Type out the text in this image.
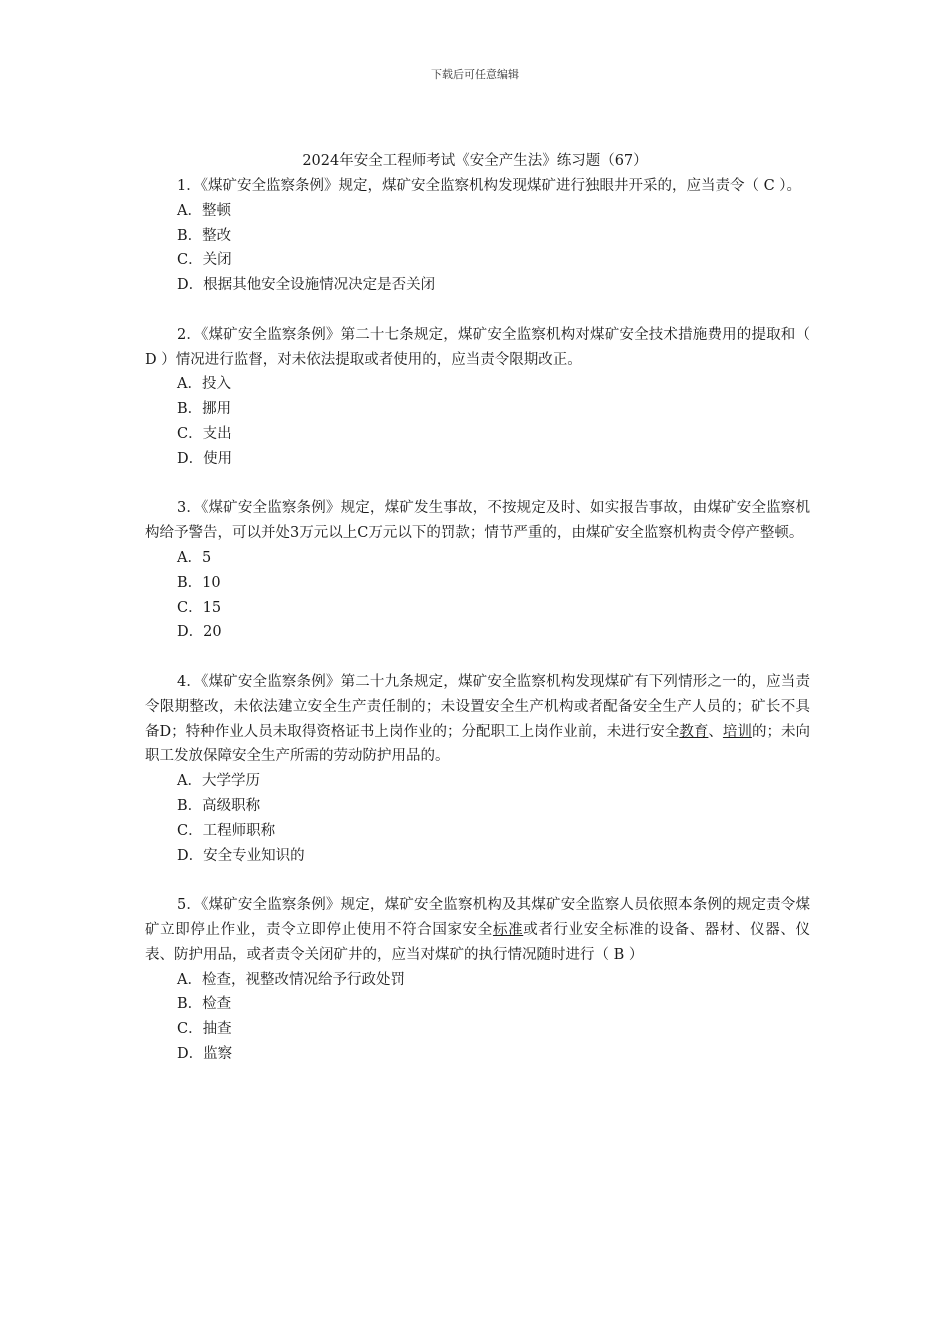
下载后可任意编辑
2024年安全工程师考试《安全产生法》练习题（67）

1．《煤矿安全监察条例》规定，煤矿安全监察机构发现煤矿进行独眼井开采的，应当责令（ C ）。

A．整顿

B．整改

C．关闭

D．根据其他安全设施情况决定是否关闭

2．《煤矿安全监察条例》第二十七条规定，煤矿安全监察机构对煤矿安全技术措施费用的提取和（ D ）情况进行监督，对未依法提取或者使用的，应当责令限期改正。

A．投入

B．挪用

C．支出

D．使用

3．《煤矿安全监察条例》规定，煤矿发生事故，不按规定及时、如实报告事故，由煤矿安全监察机构给予警告，可以并处3万元以上C万元以下的罚款；情节严重的，由煤矿安全监察机构责令停产整顿。

A．5

B．10

C．15

D．20

4．《煤矿安全监察条例》第二十九条规定，煤矿安全监察机构发现煤矿有下列情形之一的，应当责令限期整改，未依法建立安全生产责任制的；未设置安全生产机构或者配备安全生产人员的；矿长不具备D；特种作业人员未取得资格证书上岗作业的；分配职工上岗作业前，未进行安全教育、培训的；未向职工发放保障安全生产所需的劳动防护用品的。

A．大学学历

B．高级职称

C．工程师职称

D．安全专业知识的

5．《煤矿安全监察条例》规定，煤矿安全监察机构及其煤矿安全监察人员依照本条例的规定责令煤矿立即停止作业，责令立即停止使用不符合国家安全标准或者行业安全标准的设备、器材、仪器、仪表、防护用品，或者责令关闭矿井的，应当对煤矿的执行情况随时进行（ B ）

A．检查，视整改情况给予行政处罚

B．检查

C．抽查

D．监察
